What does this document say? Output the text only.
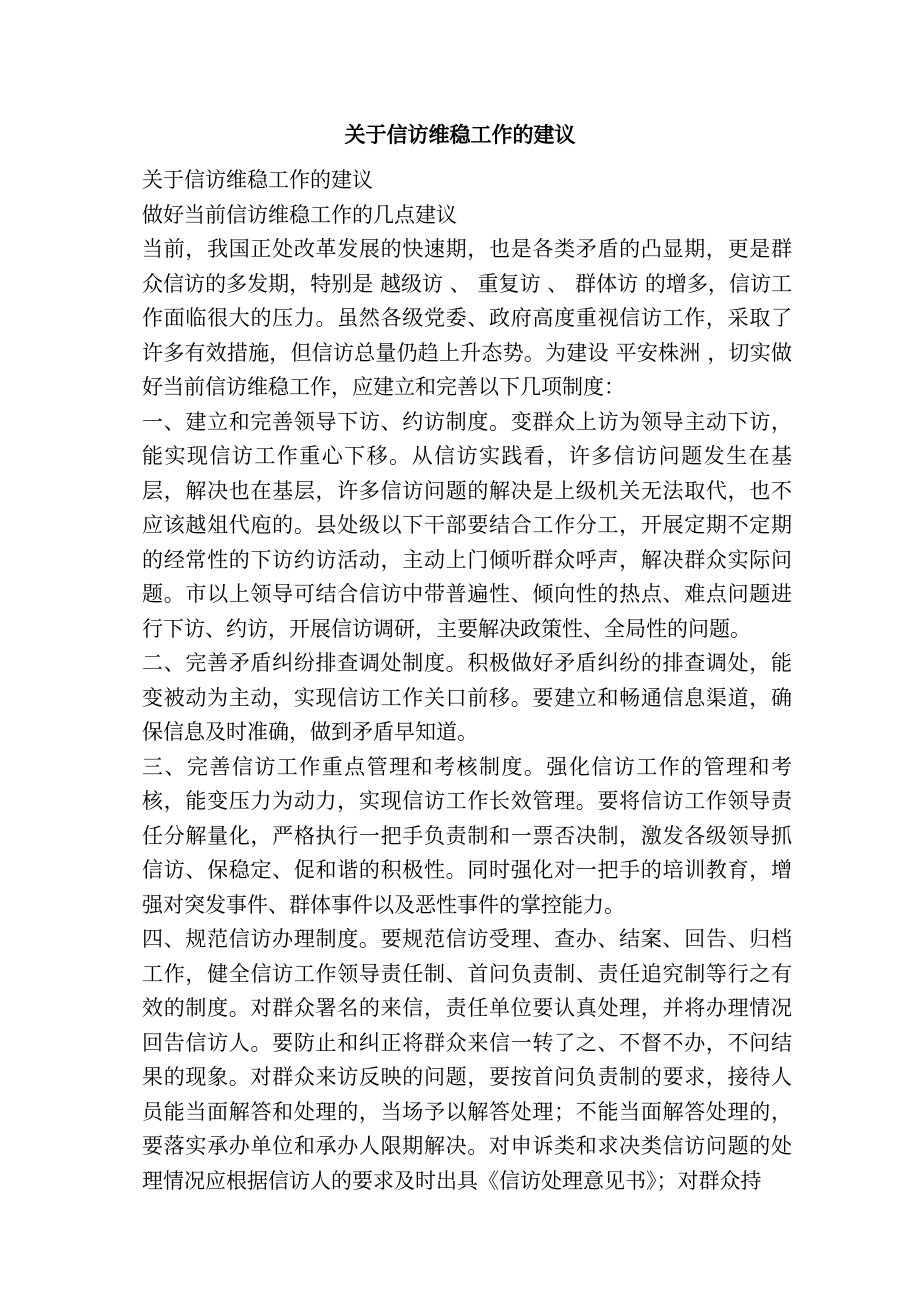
关于信访维稳工作的建议

关于信访维稳工作的建议

做好当前信访维稳工作的几点建议

当前，我国正处改革发展的快速期，也是各类矛盾的凸显期，更是群众信访的多发期，特别是 越级访 、 重复访 、 群体访 的增多，信访工作面临很大的压力。虽然各级党委、政府高度重视信访工作，采取了许多有效措施，但信访总量仍趋上升态势。为建设 平安株洲 ，切实做好当前信访维稳工作，应建立和完善以下几项制度：

一、建立和完善领导下访、约访制度。变群众上访为领导主动下访，能实现信访工作重心下移。从信访实践看，许多信访问题发生在基层，解决也在基层，许多信访问题的解决是上级机关无法取代，也不应该越俎代庖的。县处级以下干部要结合工作分工，开展定期不定期的经常性的下访约访活动，主动上门倾听群众呼声，解决群众实际问题。市以上领导可结合信访中带普遍性、倾向性的热点、难点问题进行下访、约访，开展信访调研，主要解决政策性、全局性的问题。

二、完善矛盾纠纷排查调处制度。积极做好矛盾纠纷的排查调处，能变被动为主动，实现信访工作关口前移。要建立和畅通信息渠道，确保信息及时准确，做到矛盾早知道。

三、完善信访工作重点管理和考核制度。强化信访工作的管理和考核，能变压力为动力，实现信访工作长效管理。要将信访工作领导责任分解量化，严格执行一把手负责制和一票否决制，激发各级领导抓信访、保稳定、促和谐的积极性。同时强化对一把手的培训教育，增强对突发事件、群体事件以及恶性事件的掌控能力。

四、规范信访办理制度。要规范信访受理、查办、结案、回告、归档工作，健全信访工作领导责任制、首问负责制、责任追究制等行之有效的制度。对群众署名的来信，责任单位要认真处理，并将办理情况回告信访人。要防止和纠正将群众来信一转了之、不督不办，不问结果的现象。对群众来访反映的问题，要按首问负责制的要求，接待人员能当面解答和处理的，当场予以解答处理；不能当面解答处理的，要落实承办单位和承办人限期解决。对申诉类和求决类信访问题的处理情况应根据信访人的要求及时出具《信访处理意见书》；对群众持
